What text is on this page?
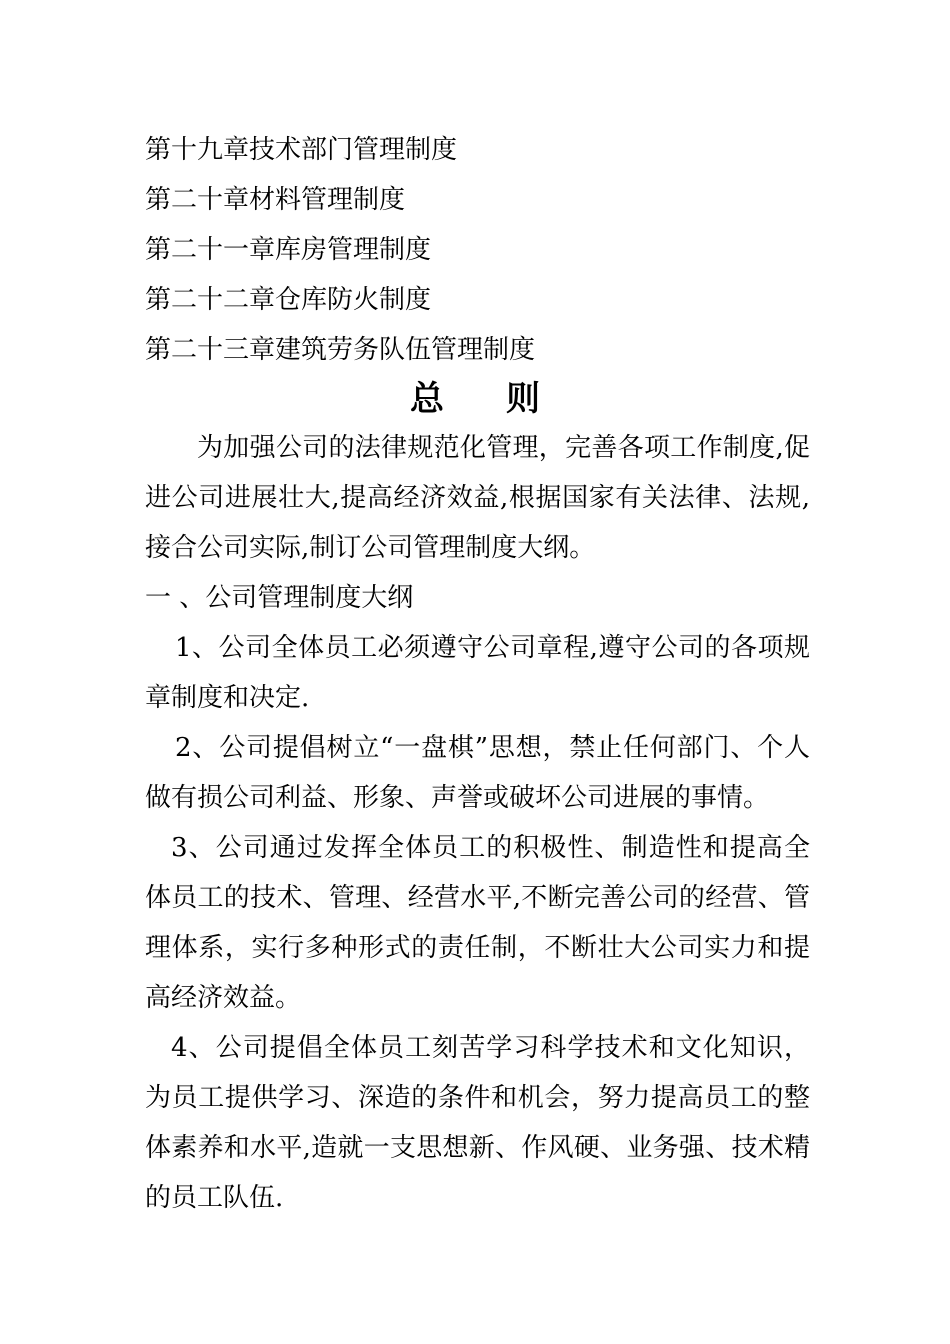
第十九章技术部门管理制度
第二十章材料管理制度
第二十一章库房管理制度
第二十二章仓库防火制度
第二十三章建筑劳务队伍管理制度
总则

为加强公司的法律规范化管理，完善各项工作制度,促进公司进展壮大,提高经济效益,根据国家有关法律、法规,接合公司实际,制订公司管理制度大纲。

一 、公司管理制度大纲

1、公司全体员工必须遵守公司章程,遵守公司的各项规章制度和决定.

2、公司提倡树立“一盘棋”思想，禁止任何部门、个人做有损公司利益、形象、声誉或破坏公司进展的事情。

3、公司通过发挥全体员工的积极性、制造性和提高全体员工的技术、管理、经营水平,不断完善公司的经营、管理体系，实行多种形式的责任制，不断壮大公司实力和提高经济效益。

4、公司提倡全体员工刻苦学习科学技术和文化知识，为员工提供学习、深造的条件和机会，努力提高员工的整体素养和水平,造就一支思想新、作风硬、业务强、技术精的员工队伍.
